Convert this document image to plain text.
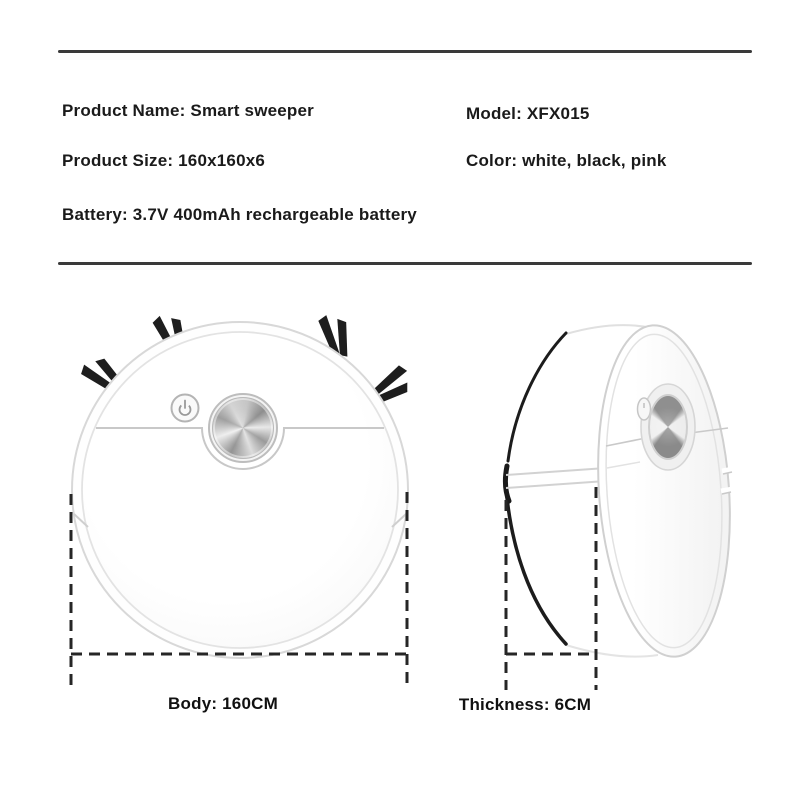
Product Name: Smart sweeper	Model: XFX015
Product Size: 160x160x6	Color: white, black, pink
Battery: 3.7V 400mAh rechargeable battery
Body: 160CM	Thickness: 6CM
